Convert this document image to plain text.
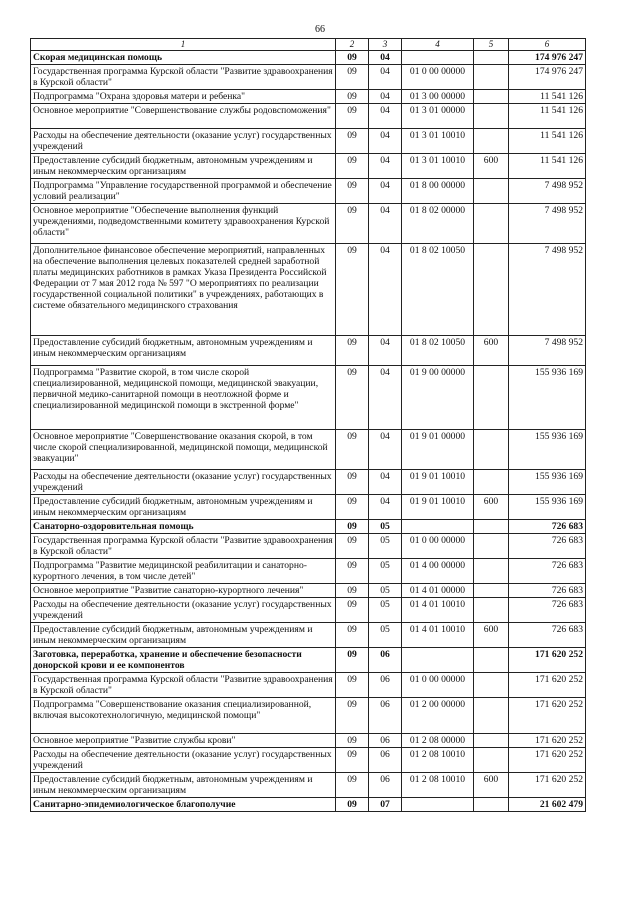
66
1	2	3	4	5	6
Скорая медицинская помощь	09	04			174 976 247
Государственная программа Курской области "Развитие здравоохранения в Курской области"	09	04	01 0 00 00000		174 976 247
Подпрограмма "Охрана здоровья матери и ребенка"	09	04	01 3 00 00000		11 541 126
Основное мероприятие "Совершенствование службы родовспоможения"	09	04	01 3 01 00000		11 541 126
Расходы на обеспечение деятельности (оказание услуг) государственных учреждений	09	04	01 3 01 10010		11 541 126
Предоставление субсидий бюджетным, автономным учреждениям и иным некоммерческим организациям	09	04	01 3 01 10010	600	11 541 126
Подпрограмма "Управление государственной программой и обеспечение условий реализации"	09	04	01 8 00 00000		7 498 952
Основное мероприятие "Обеспечение выполнения функций учреждениями, подведомственными комитету здравоохранения Курской области"	09	04	01 8 02 00000		7 498 952
Дополнительное финансовое обеспечение мероприятий, направленных на обеспечение выполнения целевых показателей средней заработной платы медицинских работников в рамках Указа Президента Российской Федерации от 7 мая 2012 года № 597 "О мероприятиях по реализации государственной социальной политики" в учреждениях, работающих в системе обязательного медицинского страхования	09	04	01 8 02 10050		7 498 952
Предоставление субсидий бюджетным, автономным учреждениям и иным некоммерческим организациям	09	04	01 8 02 10050	600	7 498 952
Подпрограмма "Развитие скорой, в том числе скорой специализированной, медицинской помощи, медицинской эвакуации, первичной медико-санитарной помощи в неотложной форме и специализированной медицинской помощи в экстренной форме"	09	04	01 9 00 00000		155 936 169
Основное мероприятие "Совершенствование оказания скорой, в том числе скорой специализированной, медицинской помощи, медицинской эвакуации"	09	04	01 9 01 00000		155 936 169
Расходы на обеспечение деятельности (оказание услуг) государственных учреждений	09	04	01 9 01 10010		155 936 169
Предоставление субсидий бюджетным, автономным учреждениям и иным некоммерческим организациям	09	04	01 9 01 10010	600	155 936 169
Санаторно-оздоровительная помощь	09	05			726 683
Государственная программа Курской области "Развитие здравоохранения в Курской области"	09	05	01 0 00 00000		726 683
Подпрограмма "Развитие медицинской реабилитации и санаторно-курортного лечения, в том числе детей"	09	05	01 4 00 00000		726 683
Основное мероприятие "Развитие санаторно-курортного лечения"	09	05	01 4 01 00000		726 683
Расходы на обеспечение деятельности (оказание услуг) государственных учреждений	09	05	01 4 01 10010		726 683
Предоставление субсидий бюджетным, автономным учреждениям и иным некоммерческим организациям	09	05	01 4 01 10010	600	726 683
Заготовка, переработка, хранение и обеспечение безопасности донорской крови и ее компонентов	09	06			171 620 252
Государственная программа Курской области "Развитие здравоохранения в Курской области"	09	06	01 0 00 00000		171 620 252
Подпрограмма "Совершенствование оказания специализированной, включая высокотехнологичную, медицинской помощи"	09	06	01 2 00 00000		171 620 252
Основное мероприятие "Развитие службы крови"	09	06	01 2 08 00000		171 620 252
Расходы на обеспечение деятельности (оказание услуг) государственных учреждений	09	06	01 2 08 10010		171 620 252
Предоставление субсидий бюджетным, автономным учреждениям и иным некоммерческим организациям	09	06	01 2 08 10010	600	171 620 252
Санитарно-эпидемиологическое благополучие	09	07			21 602 479
